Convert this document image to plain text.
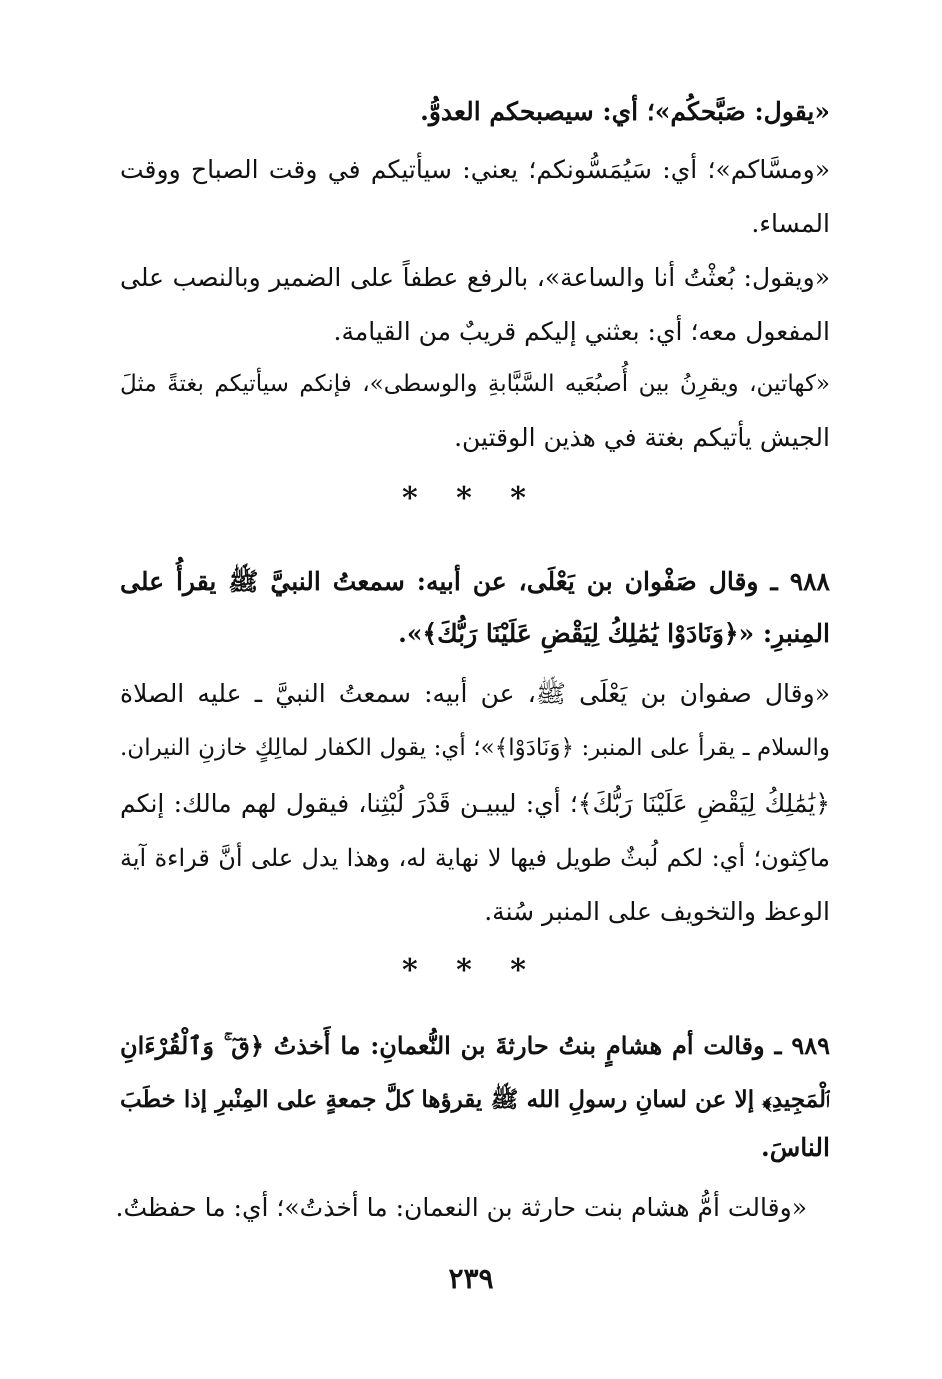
«يقول: صَبَّحكُم»؛ أي: سيصبحكم العدوُّ.
«ومسَّاكم»؛ أي: سَيُمَسُّونكم؛ يعني: سيأتيكم في وقت الصباح ووقت
المساء.
«ويقول: بُعثْتُ أنا والساعة»، بالرفع عطفاً على الضمير وبالنصب على
المفعول معه؛ أي: بعثني إليكم قريبٌ من القيامة.
«كهاتين، ويقرِنُ بين أُصبُعَيه السَّبَّابةِ والوسطى»، فإنكم سيأتيكم بغتةً مثلَ
الجيش يأتيكم بغتة في هذين الوقتين.
* * *
٩٨٨ ـ وقال صَفْوان بن يَعْلَى، عن أبيه: سمعتُ النبيَّ ﷺ يقرأُ على
المِنبرِ: «﴿وَنَادَوْا يَٰمَٰلِكُ لِيَقْضِ عَلَيْنَا رَبُّكَ﴾».
«وقال صفوان بن يَعْلَى ﷺ، عن أبيه: سمعتُ النبيَّ ـ عليه الصلاة
والسلام ـ يقرأ على المنبر: ﴿وَنَادَوْا﴾»؛ أي: يقول الكفار لمالِكٍ خازنِ النيران.
﴿يَٰمَٰلِكُ لِيَقْضِ عَلَيْنَا رَبُّكَ﴾؛ أي: ليبيـن قَدْرَ لُبْثِنا، فيقول لهم مالك: إنكم
ماكِثون؛ أي: لكم لُبثٌ طويل فيها لا نهاية له، وهذا يدل على أنَّ قراءة آية
الوعظ والتخويف على المنبر سُنة.
* * *
٩٨٩ ـ وقالت أم هشامٍ بنتُ حارثةَ بن النُّعمانِ: ما أَخذتُ ﴿قٓ ۚ وَٱلْقُرْءَانِ
ٱلْمَجِيدِ﴾ إلا عن لسانِ رسولِ الله ﷺ يقرؤها كلَّ جمعةٍ على المِنْبرِ إذا خطَبَ
الناسَ.
«وقالت أمُّ هشام بنت حارثة بن النعمان: ما أخذتُ»؛ أي: ما حفظتُ.
٢٣٩
